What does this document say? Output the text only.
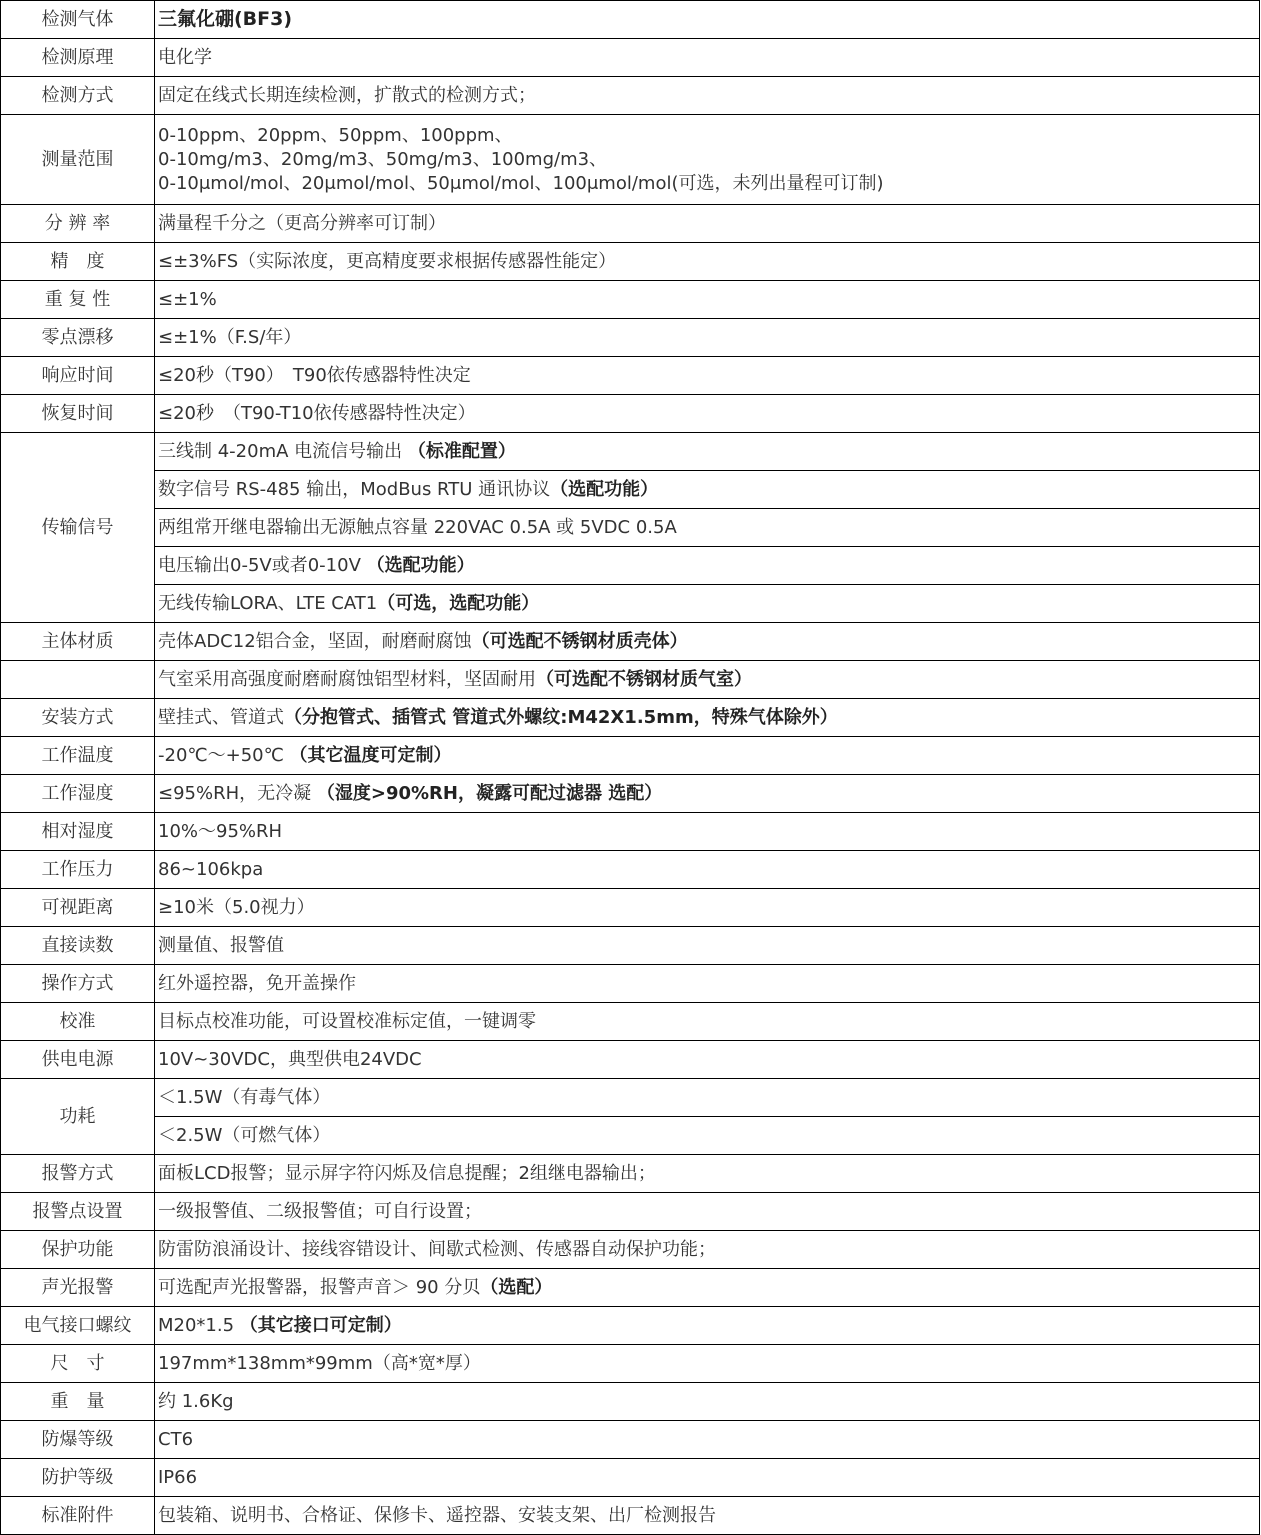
检测气体	三氟化硼(BF3)
检测原理	电化学
检测方式	固定在线式长期连续检测，扩散式的检测方式；
测量范围	0-10ppm、20ppm、50ppm、100ppm、
0-10mg/m3、20mg/m3、50mg/m3、100mg/m3、
0-10μmol/mol、20μmol/mol、50μmol/mol、100μmol/mol(可选，未列出量程可订制)

分 辨 率	满量程千分之（更高分辨率可订制）
精　度	≤±3%FS（实际浓度，更高精度要求根据传感器性能定）
重 复 性	≤±1%
零点漂移	≤±1%（F.S/年）
响应时间	≤20秒（T90）　T90依传感器特性决定
恢复时间	≤20秒　（T90-T10依传感器特性决定）
传输信号	三线制 4-20mA 电流信号输出 （标准配置）
	数字信号 RS-485 输出，ModBus RTU 通讯协议（选配功能）
	两组常开继电器输出无源触点容量 220VAC 0.5A 或 5VDC 0.5A
	电压输出0-5V或者0-10V （选配功能）
	无线传输LORA、LTE CAT1（可选，选配功能）
主体材质	壳体ADC12铝合金，坚固，耐磨耐腐蚀（可选配不锈钢材质壳体）
	气室采用高强度耐磨耐腐蚀铝型材料，坚固耐用（可选配不锈钢材质气室）
安装方式	壁挂式、管道式（分抱管式、插管式 管道式外螺纹:M42X1.5mm，特殊气体除外）
工作温度	-20℃～+50℃ （其它温度可定制）
工作湿度	≤95%RH，无冷凝 （湿度>90%RH，凝露可配过滤器 选配）
相对湿度	10%～95%RH
工作压力	86~106kpa
可视距离	≥10米（5.0视力）
直接读数	测量值、报警值
操作方式	红外遥控器，免开盖操作
校准	目标点校准功能，可设置校准标定值，一键调零
供电电源	10V~30VDC，典型供电24VDC
功耗	＜1.5W（有毒气体）
	＜2.5W（可燃气体）
报警方式	面板LCD报警；显示屏字符闪烁及信息提醒；2组继电器输出；
报警点设置	一级报警值、二级报警值；可自行设置；
保护功能	防雷防浪涌设计、接线容错设计、间歇式检测、传感器自动保护功能；
声光报警	可选配声光报警器，报警声音＞ 90 分贝（选配）
电气接口螺纹	M20*1.5 （其它接口可定制）
尺　寸	197mm*138mm*99mm（高*宽*厚）
重　量	约 1.6Kg
防爆等级	CT6
防护等级	IP66
标准附件	包装箱、说明书、合格证、保修卡、遥控器、安装支架、出厂检测报告
